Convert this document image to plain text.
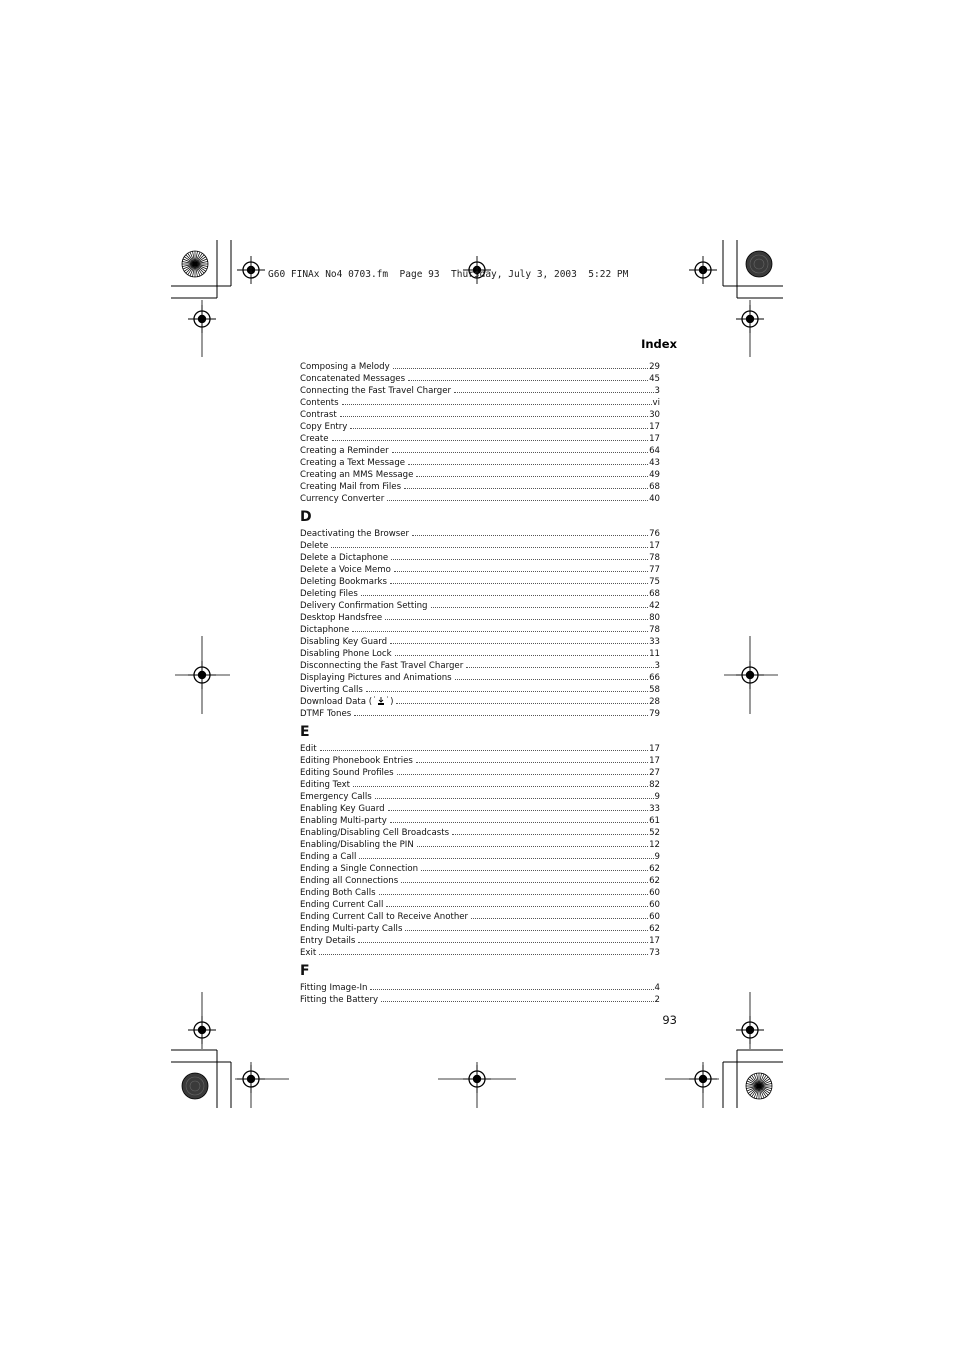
G60 FINAx No4 0703.fm  Page 93  Thursday, July 3, 2003  5:22 PM
Index
Composing a Melody	29
Concatenated Messages	45
Connecting the Fast Travel Charger	3
Contents	vi
Contrast	30
Copy Entry	17
Create	17
Creating a Reminder	64
Creating a Text Message	43
Creating an MMS Message	49
Creating Mail from Files	68
Currency Converter	40
D
Deactivating the Browser	76
Delete	17
Delete a Dictaphone	78
Delete a Voice Memo	77
Deleting Bookmarks	75
Deleting Files	68
Delivery Confirmation Setting	42
Desktop Handsfree	80
Dictaphone	78
Disabling Key Guard	33
Disabling Phone Lock	11
Disconnecting the Fast Travel Charger	3
Displaying Pictures and Animations	66
Diverting Calls	58
Download Data ( )	28
DTMF Tones	79
E
Edit	17
Editing Phonebook Entries	17
Editing Sound Profiles	27
Editing Text	82
Emergency Calls	9
Enabling Key Guard	33
Enabling Multi-party	61
Enabling/Disabling Cell Broadcasts	52
Enabling/Disabling the PIN	12
Ending a Call	9
Ending a Single Connection	62
Ending all Connections	62
Ending Both Calls	60
Ending Current Call	60
Ending Current Call to Receive Another	60
Ending Multi-party Calls	62
Entry Details	17
Exit	73
F
Fitting Image-In	4
Fitting the Battery	2
93
